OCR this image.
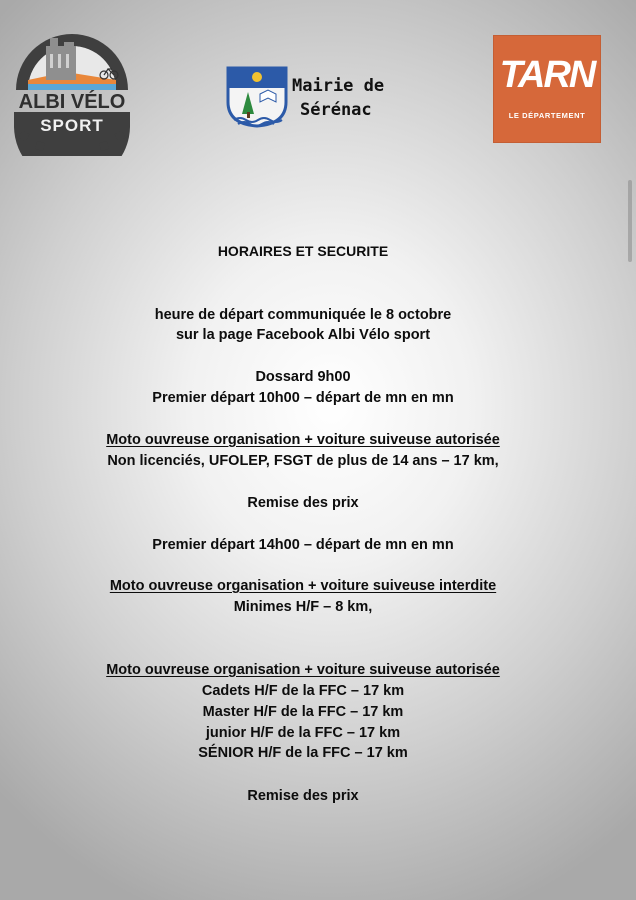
ALBI VÉLO
SPORT
Mairie de
Sérénac
TARN
LE DÉPARTEMENT
HORAIRES ET SECURITE
heure de départ communiquée le 8 octobre
sur la page Facebook Albi Vélo sport
Dossard 9h00
Premier départ 10h00 – départ de mn en mn
Moto ouvreuse organisation + voiture suiveuse autorisée
Non licenciés, UFOLEP, FSGT de plus de 14 ans – 17 km,
Remise des prix
Premier départ 14h00 – départ de mn en mn
Moto ouvreuse organisation + voiture suiveuse interdite
Minimes H/F – 8 km,
Moto ouvreuse organisation + voiture suiveuse autorisée
Cadets H/F de la FFC – 17 km
Master H/F de la FFC – 17 km
junior H/F de la FFC – 17 km
SÉNIOR H/F de la FFC – 17 km
Remise des prix
